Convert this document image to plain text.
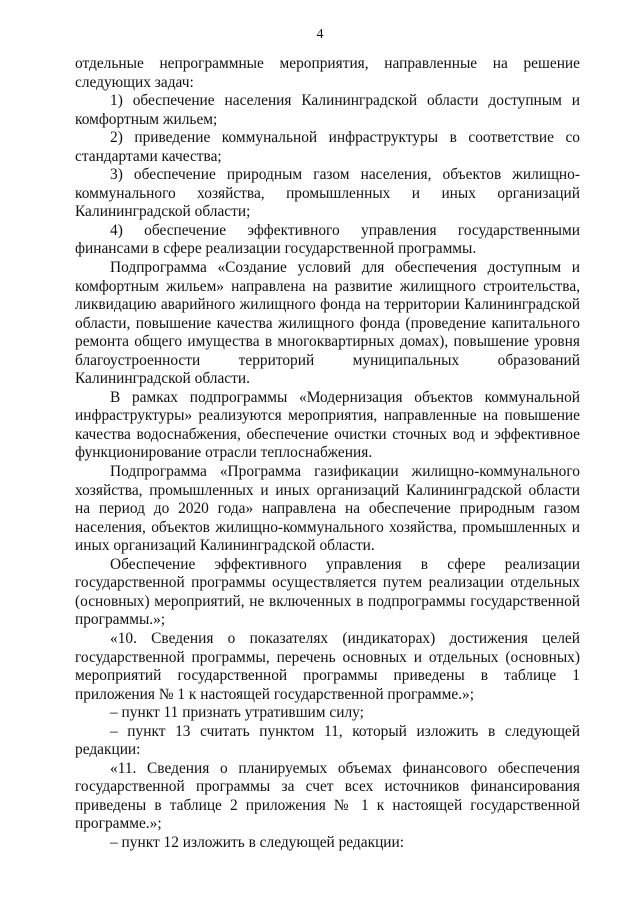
4

отдельные непрограммные мероприятия, направленные на решение следующих задач:

1) обеспечение населения Калининградской области доступным и комфортным жильем;

2) приведение коммунальной инфраструктуры в соответствие со стандартами качества;

3) обеспечение природным газом населения, объектов жилищно-коммунального хозяйства, промышленных и иных организаций Калининградской области;

4) обеспечение эффективного управления государственными финансами в сфере реализации государственной программы.

Подпрограмма «Создание условий для обеспечения доступным и комфортным жильем» направлена на развитие жилищного строительства, ликвидацию аварийного жилищного фонда на территории Калининградской области, повышение качества жилищного фонда (проведение капитального ремонта общего имущества в многоквартирных домах), повышение уровня благоустроенности территорий муниципальных образований Калининградской области.

В рамках подпрограммы «Модернизация объектов коммунальной инфраструктуры» реализуются мероприятия, направленные на повышение качества водоснабжения, обеспечение очистки сточных вод и эффективное функционирование отрасли теплоснабжения.

Подпрограмма «Программа газификации жилищно-коммунального хозяйства, промышленных и иных организаций Калининградской области на период до 2020 года» направлена на обеспечение природным газом населения, объектов жилищно-коммунального хозяйства, промышленных и иных организаций Калининградской области.

Обеспечение эффективного управления в сфере реализации государственной программы осуществляется путем реализации отдельных (основных) мероприятий, не включенных в подпрограммы государственной программы.»;

«10. Сведения о показателях (индикаторах) достижения целей государственной программы, перечень основных и отдельных (основных) мероприятий государственной программы приведены в таблице 1 приложения № 1 к настоящей государственной программе.»;

– пункт 11 признать утратившим силу;

– пункт 13 считать пунктом 11, который изложить в следующей редакции:

«11. Сведения о планируемых объемах финансового обеспечения государственной программы за счет всех источников финансирования приведены в таблице 2 приложения № 1 к настоящей государственной программе.»;

– пункт 12 изложить в следующей редакции:
